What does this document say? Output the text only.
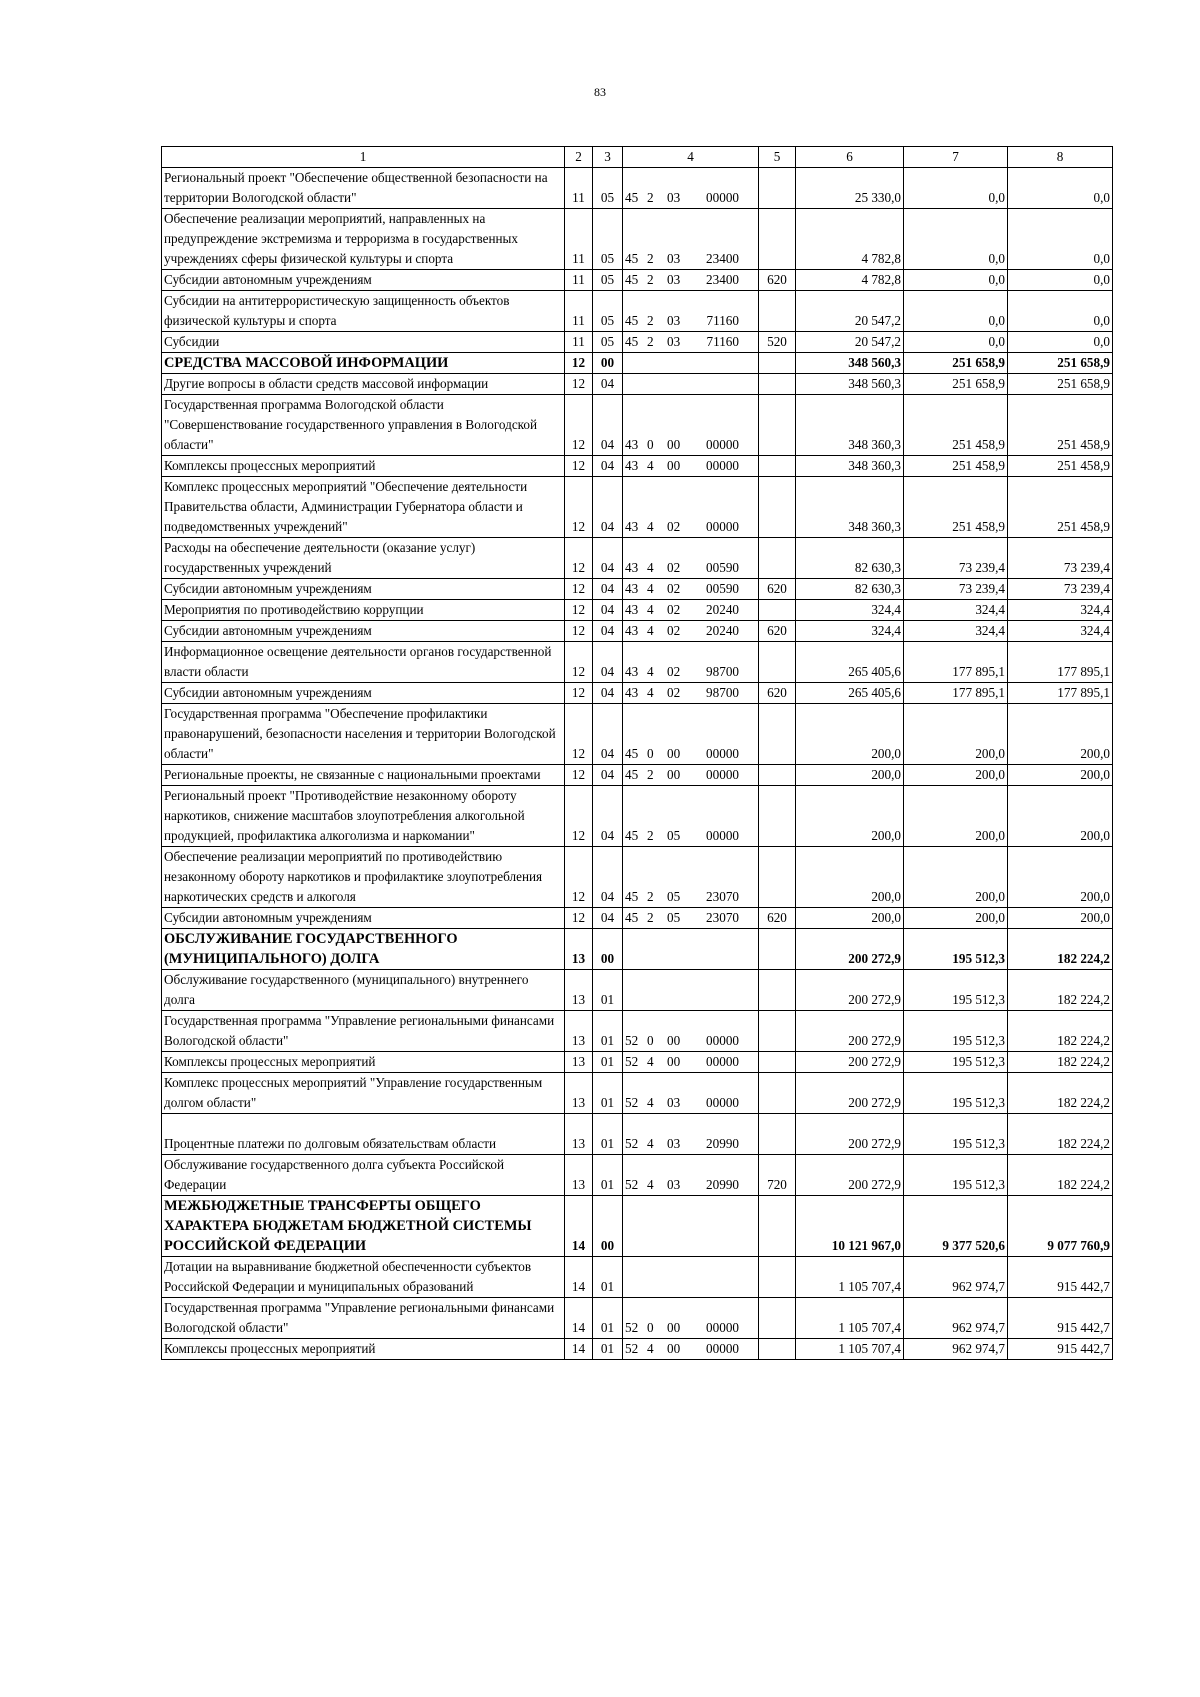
83
1	2	3	4	5	6	7	8
Региональный проект "Обеспечение общественной безопасности на территории Вологодской области"	11	05	45 2 03 00000		25 330,0	0,0	0,0
Обеспечение реализации мероприятий, направленных на предупреждение экстремизма и терроризма в государственных учреждениях сферы физической культуры и спорта	11	05	45 2 03 23400		4 782,8	0,0	0,0
Субсидии автономным учреждениям	11	05	45 2 03 23400	620	4 782,8	0,0	0,0
Субсидии на антитеррористическую защищенность объектов физической культуры и спорта	11	05	45 2 03 71160		20 547,2	0,0	0,0
Субсидии	11	05	45 2 03 71160	520	20 547,2	0,0	0,0
СРЕДСТВА МАССОВОЙ ИНФОРМАЦИИ	12	00			348 560,3	251 658,9	251 658,9
Другие вопросы в области средств массовой информации	12	04			348 560,3	251 658,9	251 658,9
Государственная программа Вологодской области "Совершенствование государственного управления в Вологодской области"	12	04	43 0 00 00000		348 360,3	251 458,9	251 458,9
Комплексы процессных мероприятий	12	04	43 4 00 00000		348 360,3	251 458,9	251 458,9
Комплекс процессных мероприятий "Обеспечение деятельности Правительства области, Администрации Губернатора области и подведомственных учреждений"	12	04	43 4 02 00000		348 360,3	251 458,9	251 458,9
Расходы на обеспечение деятельности (оказание услуг) государственных учреждений	12	04	43 4 02 00590		82 630,3	73 239,4	73 239,4
Субсидии автономным учреждениям	12	04	43 4 02 00590	620	82 630,3	73 239,4	73 239,4
Мероприятия по противодействию коррупции	12	04	43 4 02 20240		324,4	324,4	324,4
Субсидии автономным учреждениям	12	04	43 4 02 20240	620	324,4	324,4	324,4
Информационное освещение деятельности органов государственной власти области	12	04	43 4 02 98700		265 405,6	177 895,1	177 895,1
Субсидии автономным учреждениям	12	04	43 4 02 98700	620	265 405,6	177 895,1	177 895,1
Государственная программа "Обеспечение профилактики правонарушений, безопасности населения и территории Вологодской области"	12	04	45 0 00 00000		200,0	200,0	200,0
Региональные проекты, не связанные с национальными проектами	12	04	45 2 00 00000		200,0	200,0	200,0
Региональный проект "Противодействие незаконному обороту наркотиков, снижение масштабов злоупотребления алкогольной продукцией, профилактика алкоголизма и наркомании"	12	04	45 2 05 00000		200,0	200,0	200,0
Обеспечение реализации мероприятий по противодействию незаконному обороту наркотиков и профилактике злоупотребления наркотических средств и алкоголя	12	04	45 2 05 23070		200,0	200,0	200,0
Субсидии автономным учреждениям	12	04	45 2 05 23070	620	200,0	200,0	200,0
ОБСЛУЖИВАНИЕ ГОСУДАРСТВЕННОГО (МУНИЦИПАЛЬНОГО) ДОЛГА	13	00			200 272,9	195 512,3	182 224,2
Обслуживание государственного (муниципального) внутреннего долга	13	01			200 272,9	195 512,3	182 224,2
Государственная программа "Управление региональными финансами Вологодской области"	13	01	52 0 00 00000		200 272,9	195 512,3	182 224,2
Комплексы процессных мероприятий	13	01	52 4 00 00000		200 272,9	195 512,3	182 224,2
Комплекс процессных мероприятий "Управление государственным долгом области"	13	01	52 4 03 00000		200 272,9	195 512,3	182 224,2
Процентные платежи по долговым обязательствам области	13	01	52 4 03 20990		200 272,9	195 512,3	182 224,2
Обслуживание государственного долга субъекта Российской Федерации	13	01	52 4 03 20990	720	200 272,9	195 512,3	182 224,2
МЕЖБЮДЖЕТНЫЕ ТРАНСФЕРТЫ ОБЩЕГО ХАРАКТЕРА БЮДЖЕТАМ БЮДЖЕТНОЙ СИСТЕМЫ РОССИЙСКОЙ ФЕДЕРАЦИИ	14	00			10 121 967,0	9 377 520,6	9 077 760,9
Дотации на выравнивание бюджетной обеспеченности субъектов Российской Федерации и муниципальных образований	14	01			1 105 707,4	962 974,7	915 442,7
Государственная программа "Управление региональными финансами Вологодской области"	14	01	52 0 00 00000		1 105 707,4	962 974,7	915 442,7
Комплексы процессных мероприятий	14	01	52 4 00 00000		1 105 707,4	962 974,7	915 442,7
